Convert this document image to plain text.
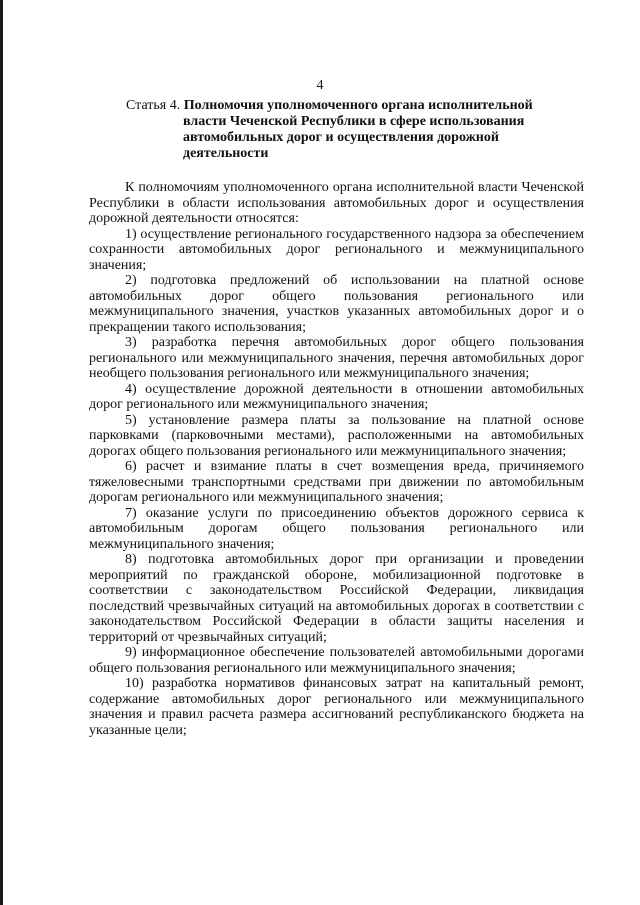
4
Статья 4. Полномочия уполномоченного органа исполнительной
власти Чеченской Республики в сфере использования
автомобильных дорог и осуществления дорожной
деятельности

К полномочиям уполномоченного органа исполнительной власти Чеченской Республики в области использования автомобильных дорог и осуществления дорожной деятельности относятся:

1) осуществление регионального государственного надзора за обеспечением сохранности автомобильных дорог регионального и межмуниципального значения;

2) подготовка предложений об использовании на платной основе автомобильных дорог общего пользования регионального или межмуниципального значения, участков указанных автомобильных дорог и о прекращении такого использования;

3) разработка перечня автомобильных дорог общего пользования регионального или межмуниципального значения, перечня автомобильных дорог необщего пользования регионального или межмуниципального значения;

4) осуществление дорожной деятельности в отношении автомобильных дорог регионального или межмуниципального значения;

5) установление размера платы за пользование на платной основе парковками (парковочными местами), расположенными на автомобильных дорогах общего пользования регионального или межмуниципального значения;

6) расчет и взимание платы в счет возмещения вреда, причиняемого тяжеловесными транспортными средствами при движении по автомобильным дорогам регионального или межмуниципального значения;

7) оказание услуги по присоединению объектов дорожного сервиса к автомобильным дорогам общего пользования регионального или межмуниципального значения;

8) подготовка автомобильных дорог при организации и проведении мероприятий по гражданской обороне, мобилизационной подготовке в соответствии с законодательством Российской Федерации, ликвидация последствий чрезвычайных ситуаций на автомобильных дорогах в соответствии с законодательством Российской Федерации в области защиты населения и территорий от чрезвычайных ситуаций;

9) информационное обеспечение пользователей автомобильными дорогами общего пользования регионального или межмуниципального значения;

10) разработка нормативов финансовых затрат на капитальный ремонт, содержание автомобильных дорог регионального или межмуниципального значения и правил расчета размера ассигнований республиканского бюджета на указанные цели;
